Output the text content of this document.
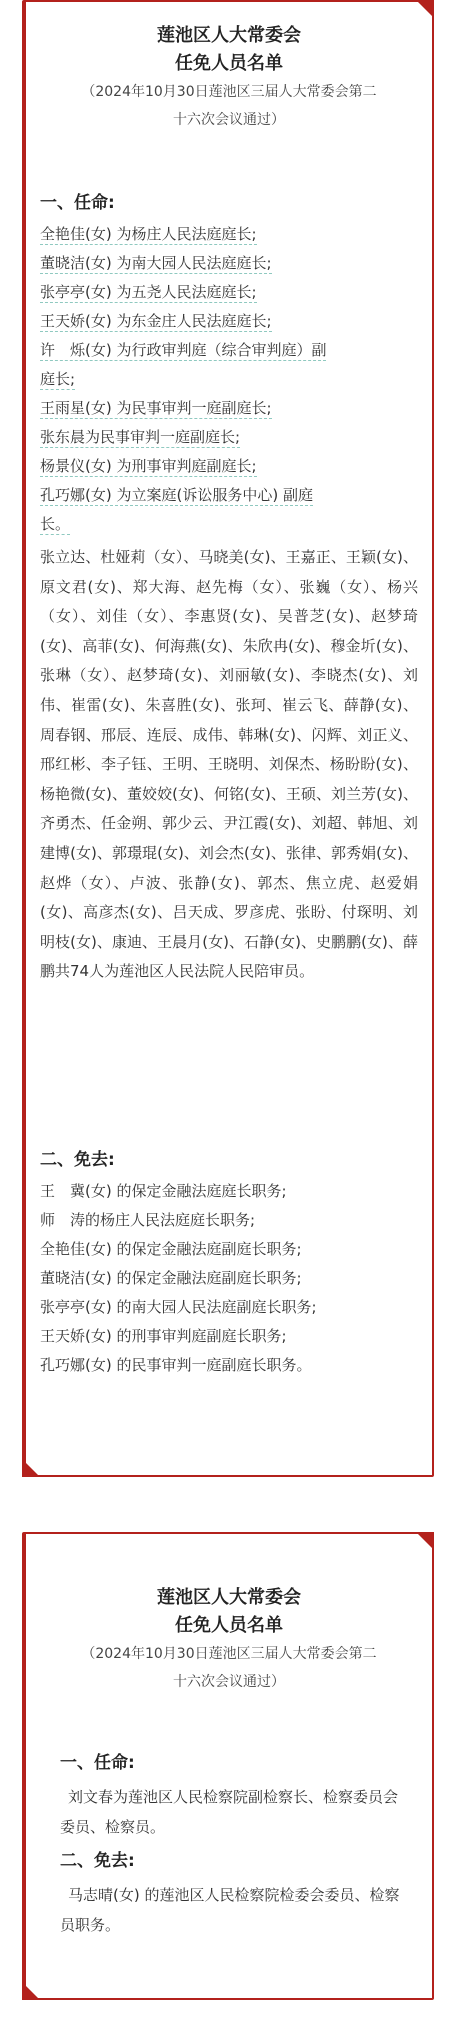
莲池区人大常委会
任免人员名单
（2024年10月30日莲池区三届人大常委会第二
十六次会议通过）
一、任命:
全艳佳(女) 为杨庄人民法庭庭长;
董晓洁(女) 为南大园人民法庭庭长;
张亭亭(女) 为五尧人民法庭庭长;
王天娇(女) 为东金庄人民法庭庭长;
许　烁(女) 为行政审判庭（综合审判庭）副
庭长;
王雨星(女) 为民事审判一庭副庭长;
张东晨为民事审判一庭副庭长;
杨景仪(女) 为刑事审判庭副庭长;
孔巧娜(女) 为立案庭(诉讼服务中心) 副庭
长。
张立达、杜娅莉（女）、马晓美(女)、王嘉正、王颖(女)、原文君(女)、郑大海、赵先梅（女）、张巍（女）、杨兴（女）、刘佳（女）、李惠贤(女)、吴普芝(女)、赵梦琦(女)、高菲(女)、何海燕(女)、朱欣冉(女)、穆金圻(女)、张琳（女）、赵梦琦(女)、刘丽敏(女)、李晓杰(女)、刘伟、崔雷(女)、朱喜胜(女)、张珂、崔云飞、薛静(女)、周春钢、邢辰、连辰、成伟、韩琳(女)、闪辉、刘正义、邢红彬、李子钰、王明、王晓明、刘保杰、杨盼盼(女)、杨艳微(女)、董姣姣(女)、何铭(女)、王硕、刘兰芳(女)、齐勇杰、任金朔、郭少云、尹江霞(女)、刘超、韩旭、刘建博(女)、郭璟琨(女)、刘会杰(女)、张律、郭秀娟(女)、赵烨（女）、卢波、张静(女)、郭杰、焦立虎、赵爱娟(女)、高彦杰(女)、吕天成、罗彦虎、张盼、付琛明、刘明枝(女)、康迪、王晨月(女)、石静(女)、史鹏鹏(女)、薛鹏共74人为莲池区人民法院人民陪审员。
二、免去:
王　冀(女) 的保定金融法庭庭长职务;
师　涛的杨庄人民法庭庭长职务;
全艳佳(女) 的保定金融法庭副庭长职务;
董晓洁(女) 的保定金融法庭副庭长职务;
张亭亭(女) 的南大园人民法庭副庭长职务;
王天娇(女) 的刑事审判庭副庭长职务;
孔巧娜(女) 的民事审判一庭副庭长职务。
莲池区人大常委会
任免人员名单
（2024年10月30日莲池区三届人大常委会第二
十六次会议通过）
一、任命:
刘文春为莲池区人民检察院副检察长、检察委员会委员、检察员。
二、免去:
马志晴(女) 的莲池区人民检察院检委会委员、检察员职务。
